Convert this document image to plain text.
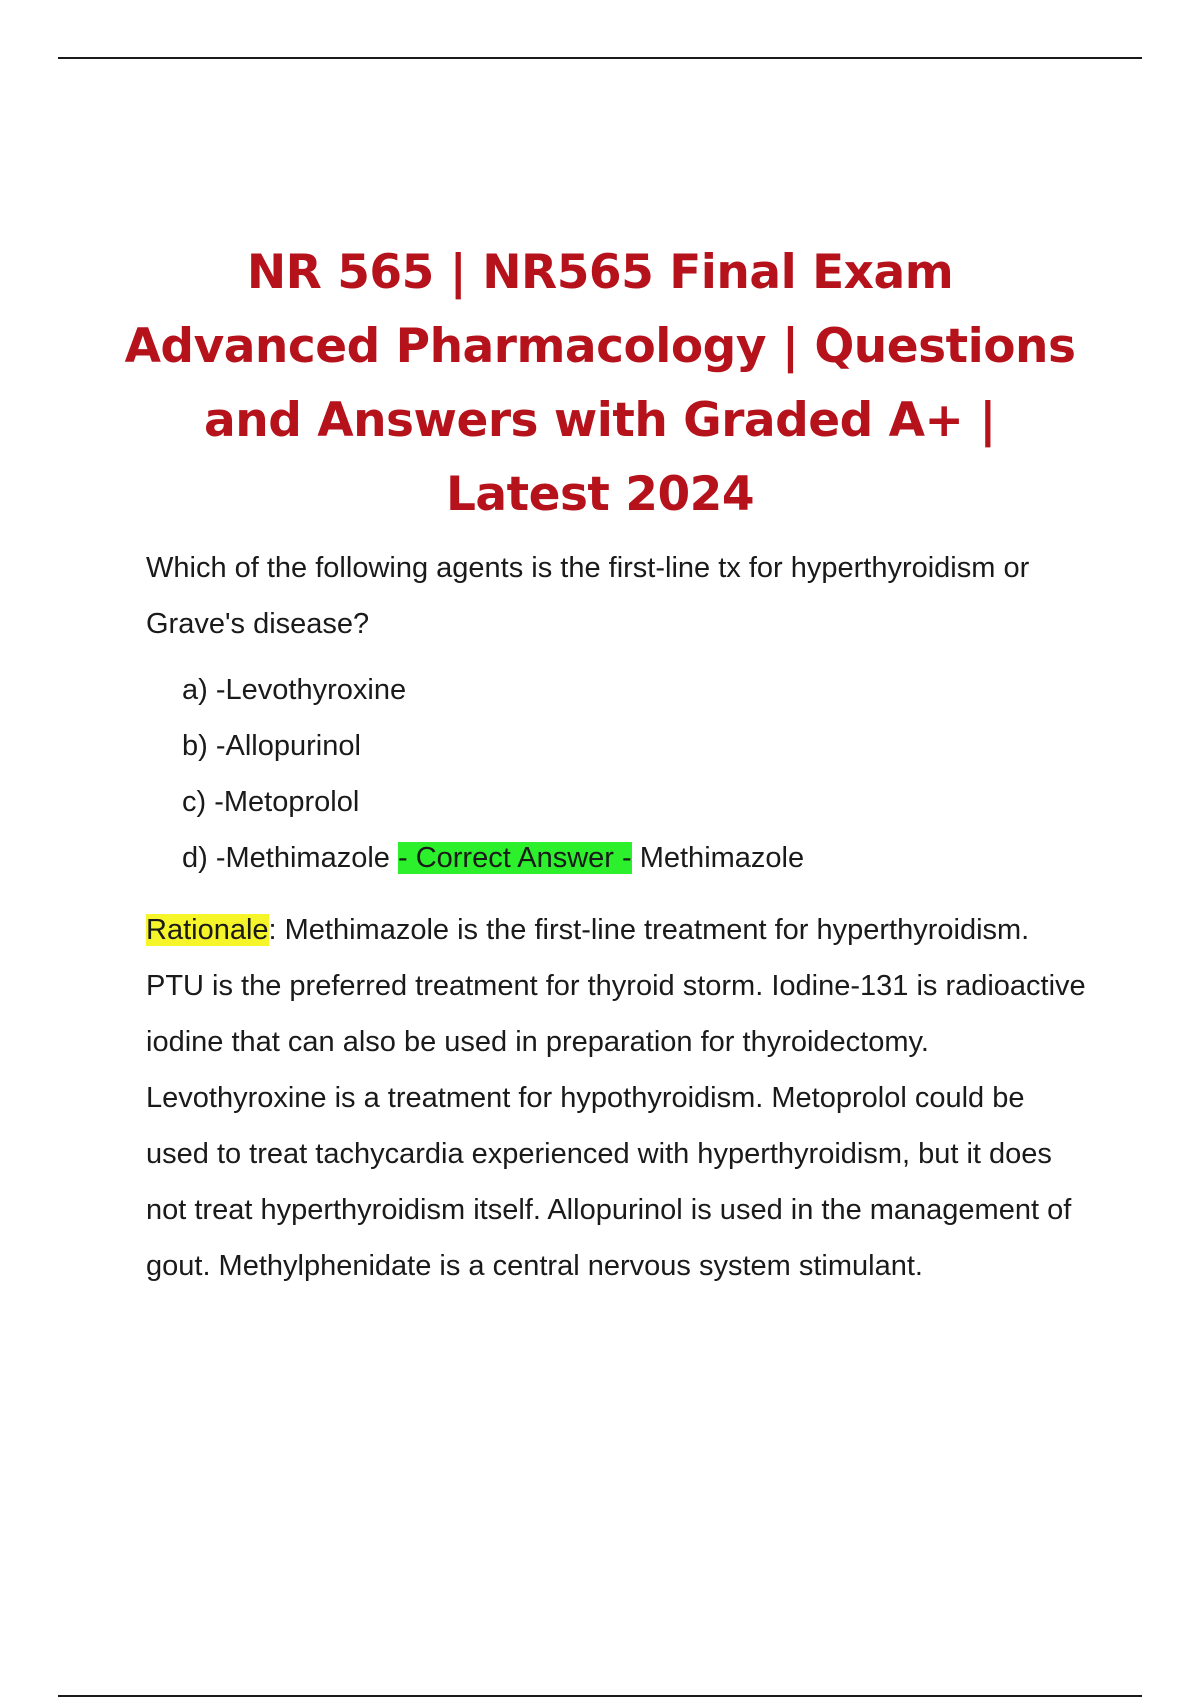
NR 565 | NR565 Final Exam Advanced Pharmacology | Questions and Answers with Graded A+ | Latest 2024

Which of the following agents is the first-line tx for hyperthyroidism or Grave's disease?

a) -Levothyroxine
b) -Allopurinol
c) -Metoprolol
d) -Methimazole - Correct Answer - Methimazole

Rationale: Methimazole is the first-line treatment for hyperthyroidism. PTU is the preferred treatment for thyroid storm. Iodine-131 is radioactive iodine that can also be used in preparation for thyroidectomy. Levothyroxine is a treatment for hypothyroidism. Metoprolol could be used to treat tachycardia experienced with hyperthyroidism, but it does not treat hyperthyroidism itself. Allopurinol is used in the management of gout. Methylphenidate is a central nervous system stimulant.
